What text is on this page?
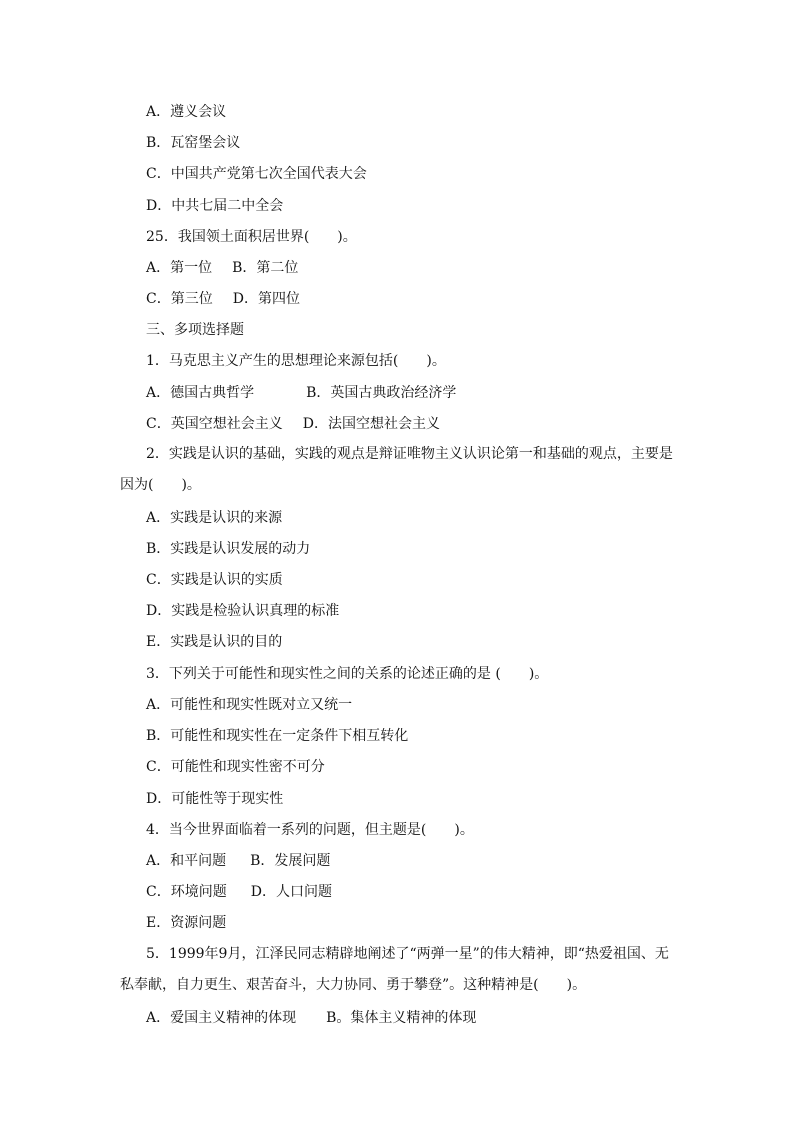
A．遵义会议
B．瓦窑堡会议
C．中国共产党第七次全国代表大会
D．中共七届二中全会
25．我国领土面积居世界(　　)。
A．第一位 B．第二位
C．第三位 D．第四位
三、多项选择题
1．马克思主义产生的思想理论来源包括(　　)。
A．德国古典哲学	B．英国古典政治经济学
C．英国空想社会主义 D．法国空想社会主义
2．实践是认识的基础，实践的观点是辩证唯物主义认识论第一和基础的观点，主要是因为(　　)。
A．实践是认识的来源
B．实践是认识发展的动力
C．实践是认识的实质
D．实践是检验认识真理的标准
E．实践是认识的目的
3．下列关于可能性和现实性之间的关系的论述正确的是 (　　)。
A．可能性和现实性既对立又统一
B．可能性和现实性在一定条件下相互转化
C．可能性和现实性密不可分
D．可能性等于现实性
4．当今世界面临着一系列的问题，但主题是(　　)。
A．和平问题 B．发展问题
C．环境问题 D．人口问题
E．资源问题
5．1999年9月，江泽民同志精辟地阐述了“两弹一星”的伟大精神，即“热爱祖国、无私奉献，自力更生、艰苦奋斗，大力协同、勇于攀登”。这种精神是(　　)。
A．爱国主义精神的体现 B。集体主义精神的体现
